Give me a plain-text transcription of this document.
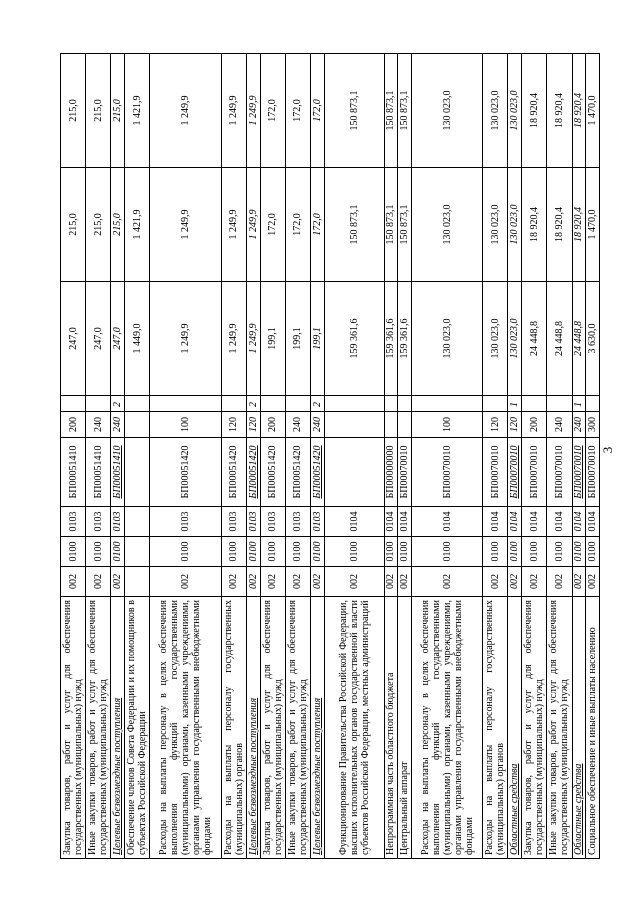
3
Закупка товаров, работ и услуг для обеспечения государственных (муниципальных) нужд	002	0100	0103	БП00051410	200		247,0	215,0	215,0
Иные закупки товаров, работ и услуг для обеспечения государственных (муниципальных) нужд	002	0100	0103	БП00051410	240		247,0	215,0	215,0
Целевые безвозмездные поступления	002	0100	0103	БП00051410	240	2	247,0	215,0	215,0
Обеспечение членов Совета Федерации и их помощников в субъектах Российской Федерации							1 449,0	1 421,9	1 421,9
Расходы на выплаты персоналу в целях обеспечения выполнения функций государственными (муниципальными) органами, казенными учреждениями, органами управления государственными внебюджетными фондами	002	0100	0103	БП00051420	100		1 249,9	1 249,9	1 249,9
Расходы на выплаты персоналу государственных (муниципальных) органов	002	0100	0103	БП00051420	120		1 249,9	1 249,9	1 249,9
Целевые безвозмездные поступления	002	0100	0103	БП00051420	120	2	1 249,9	1 249,9	1 249,9
Закупка товаров, работ и услуг для обеспечения государственных (муниципальных) нужд	002	0100	0103	БП00051420	200		199,1	172,0	172,0
Иные закупки товаров, работ и услуг для обеспечения государственных (муниципальных) нужд	002	0100	0103	БП00051420	240		199,1	172,0	172,0
Целевые безвозмездные поступления	002	0100	0103	БП00051420	240	2	199,1	172,0	172,0
Функционирование Правительства Российской Федерации, высших исполнительных органов государственной власти субъектов Российской Федерации, местных администраций	002	0100	0104				159 361,6	150 873,1	150 873,1
Непрограммная часть областного бюджета	002	0100	0104	БП00000000			159 361,6	150 873,1	150 873,1
Центральный аппарат	002	0100	0104	БП00070010			159 361,6	150 873,1	150 873,1
Расходы на выплаты персоналу в целях обеспечения выполнения функций государственными (муниципальными) органами, казенными учреждениями, органами управления государственными внебюджетными фондами	002	0100	0104	БП00070010	100		130 023,0	130 023,0	130 023,0
Расходы на выплаты персоналу государственных (муниципальных) органов	002	0100	0104	БП00070010	120		130 023,0	130 023,0	130 023,0
Областные средства	002	0100	0104	БП00070010	120	1	130 023,0	130 023,0	130 023,0
Закупка товаров, работ и услуг для обеспечения государственных (муниципальных) нужд	002	0100	0104	БП00070010	200		24 448,8	18 920,4	18 920,4
Иные закупки товаров, работ и услуг для обеспечения государственных (муниципальных) нужд	002	0100	0104	БП00070010	240		24 448,8	18 920,4	18 920,4
Областные средства	002	0100	0104	БП00070010	240	1	24 448,8	18 920,4	18 920,4
Социальное обеспечение и иные выплаты населению	002	0100	0104	БП00070010	300		3 630,0	1 470,0	1 470,0
